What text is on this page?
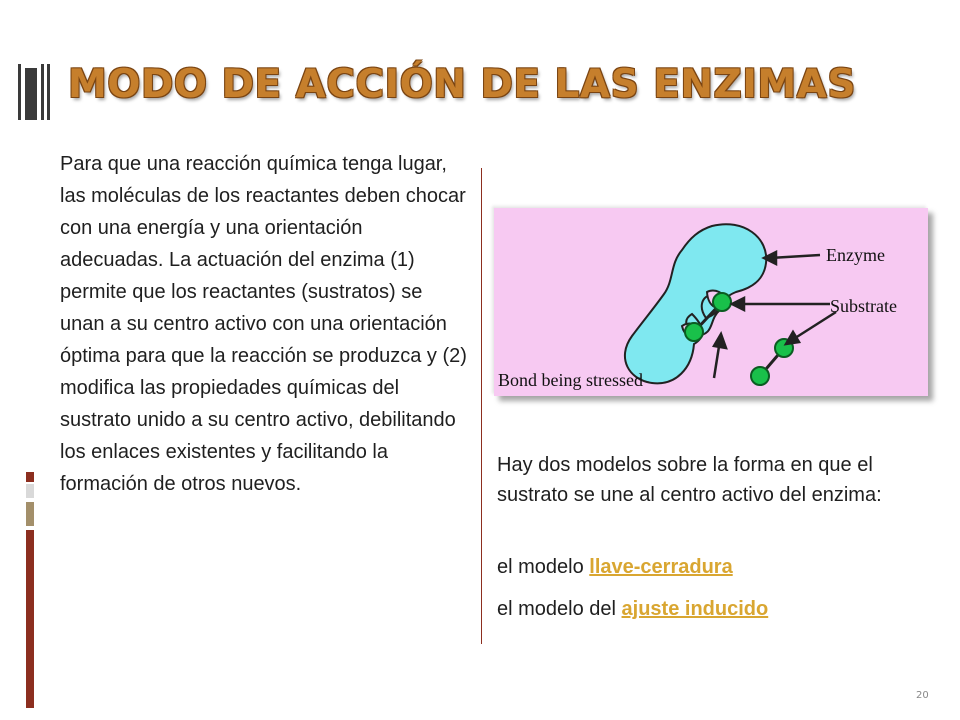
MODO DE ACCIÓN DE LAS ENZIMAS

Para que una reacción química tenga lugar, las moléculas de los reactantes deben chocar con una energía y una orientación adecuadas. La actuación del enzima (1) permite que los reactantes (sustratos) se unan a su centro activo con una orientación óptima para que la reacción se produzca y (2) modifica las propiedades químicas del sustrato unido a su centro activo, debilitando los enlaces existentes y facilitando la formación de otros nuevos.

Enzyme
Substrate
Bond being stressed

Hay dos modelos sobre la forma en que el sustrato se une al centro activo del enzima:

el modelo llave-cerradura
el modelo del ajuste inducido
20
